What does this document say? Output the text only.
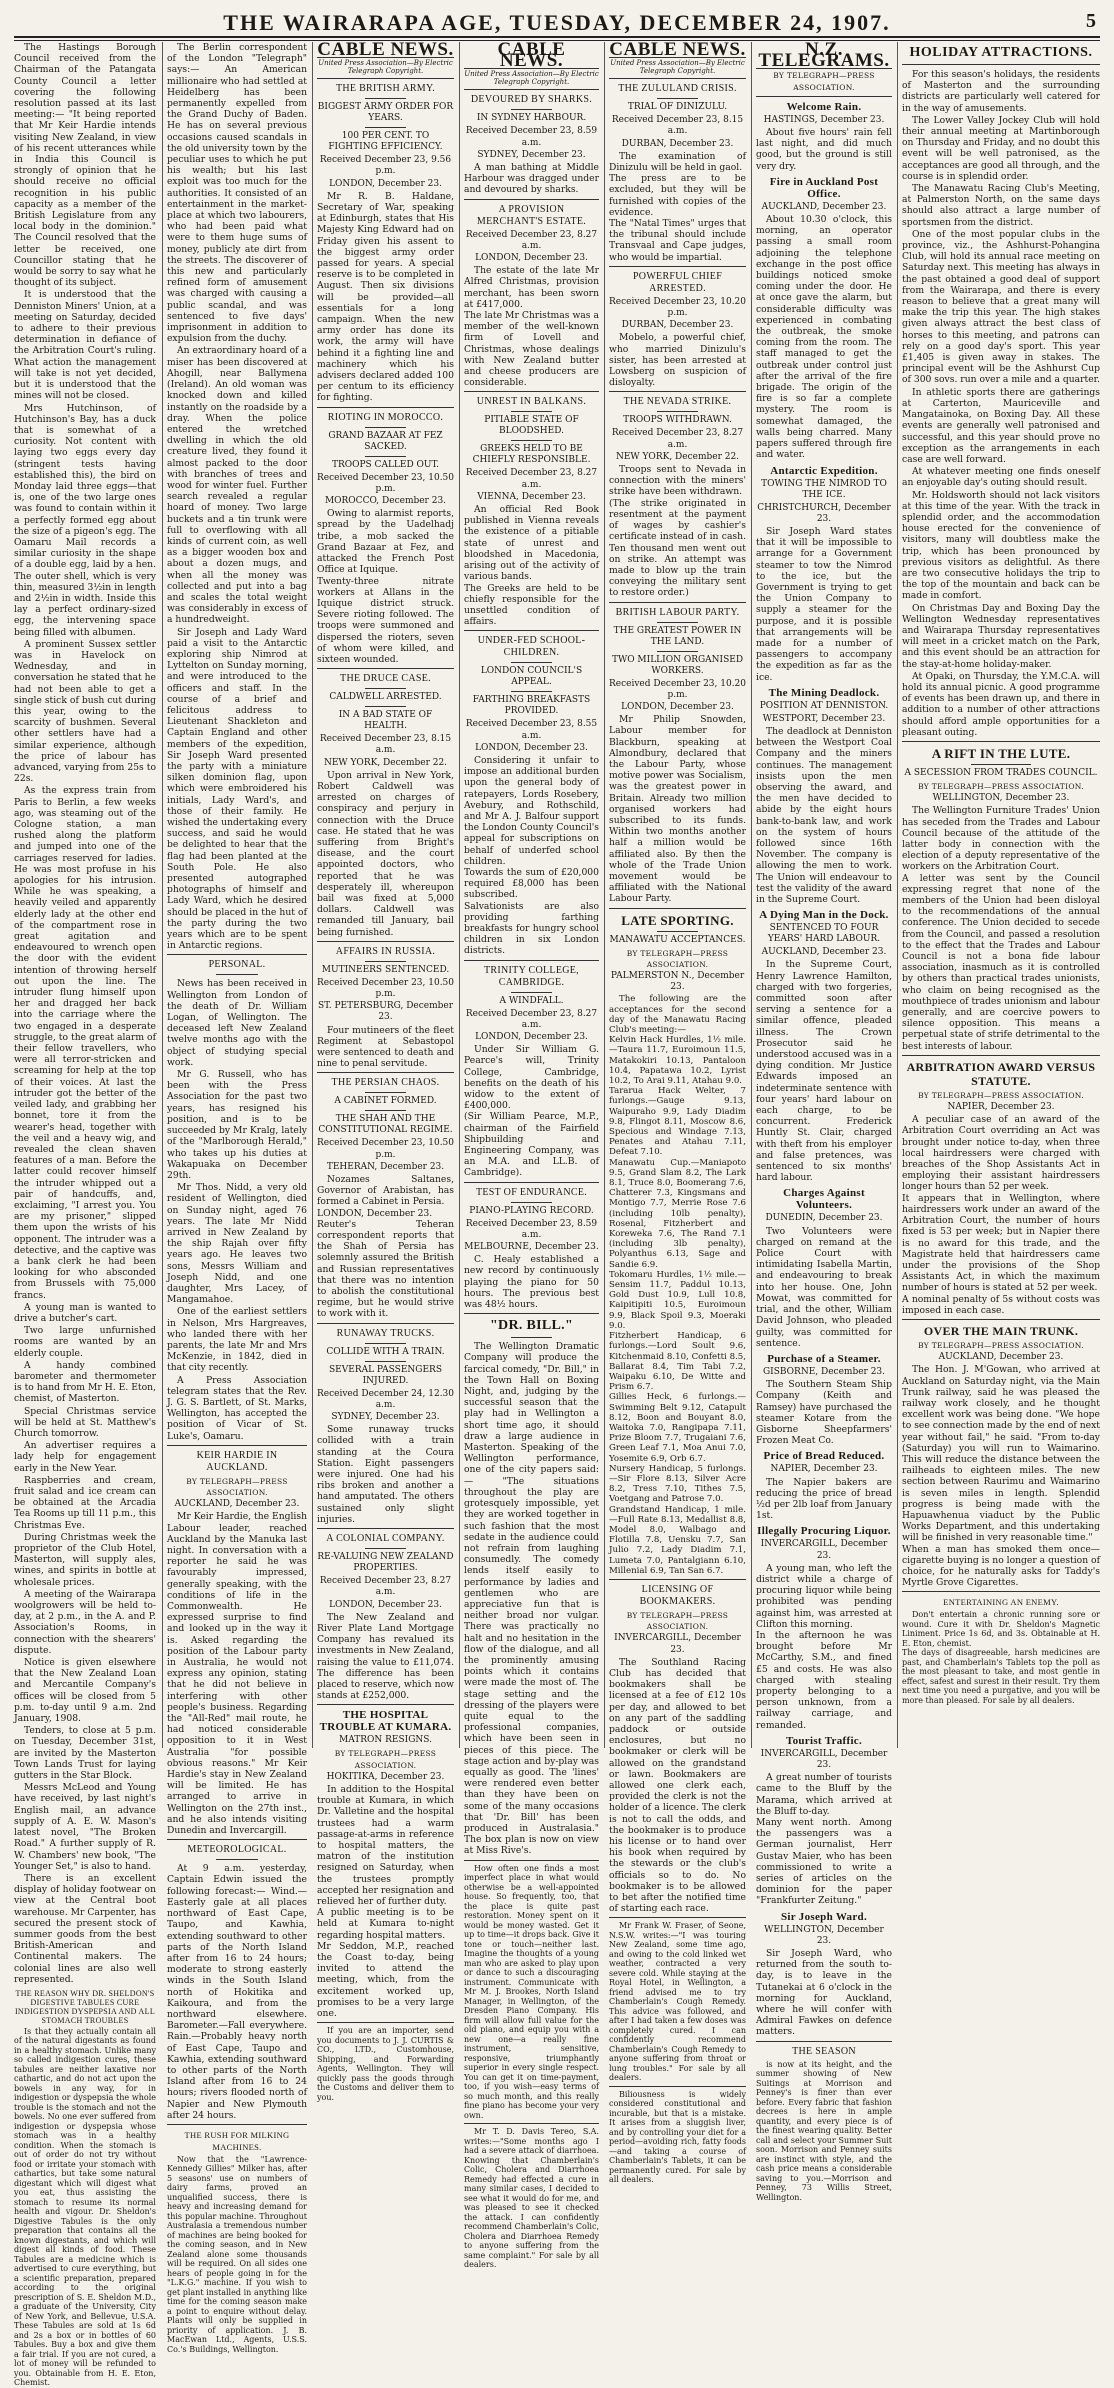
THE WAIRARAPA AGE, TUESDAY, DECEMBER 24, 1907.	5

The Hastings Borough Council received from the Chairman of the Patangata County Council a letter covering the following resolution passed at its last meeting:— "It being reported that Mr Keir Hardie intends visiting New Zealand, in view of his recent utterances while in India this Council is strongly of opinion that he should receive no official recognition in his public capacity as a member of the British Legislature from any local body in the dominion." The Council resolved that the letter be received, one Councillor stating that he would be sorry to say what he thought of its subject.

It is understood that the Denniston Miners' Union, at a meeting on Saturday, decided to adhere to their previous determination in defiance of the Arbitration Court's ruling. What action the management will take is not yet decided, but it is understood that the mines will not be closed.

Mrs Hutchinson, of Hutchinson's Bay, has a duck that is somewhat of a curiosity. Not content with laying two eggs every day (stringent tests having established this), the bird on Monday laid three eggs—that is, one of the two large ones was found to contain within it a perfectly formed egg about the size of a pigeon's egg. The Oamaru Mail records a similar curiosity in the shape of a double egg, laid by a hen. The outer shell, which is very thin, measured 3½in in length and 2½in in width. Inside this lay a perfect ordinary-sized egg, the intervening space being filled with albumen.

A prominent Sussex settler was in Havelock on Wednesday, and in conversation he stated that he had not been able to get a single stick of bush cut during this year, owing to the scarcity of bushmen. Several other settlers have had a similar experience, although the price of labour has advanced, varying from 25s to 22s.

As the express train from Paris to Berlin, a few weeks ago, was steaming out of the Cologne station, a man rushed along the platform and jumped into one of the carriages reserved for ladies. He was most profuse in his apologies for his intrusion. While he was speaking, a heavily veiled and apparently elderly lady at the other end of the compartment rose in great agitation and endeavoured to wrench open the door with the evident intention of throwing herself out upon the line. The intruder flung himself upon her and dragged her back into the carriage where the two engaged in a desperate struggle, to the great alarm of their fellow travellers, who were all terror-stricken and screaming for help at the top of their voices. At last the intruder got the better of the veiled lady, and grabbing her bonnet, tore it from the wearer's head, together with the veil and a heavy wig, and revealed the clean shaven features of a man. Before the latter could recover himself the intruder whipped out a pair of handcuffs, and, exclaiming, "I arrest you. You are my prisoner," slipped them upon the wrists of his opponent. The intruder was a detective, and the captive was a bank clerk he had been looking for who absconded from Brussels with 75,000 francs.

A young man is wanted to drive a butcher's cart.

Two large unfurnished rooms are wanted by an elderly couple.

A handy combined barometer and thermometer is to hand from Mr H. E. Eton, chemist, of Masterton.

Special Christmas service will be held at St. Matthew's Church tomorrow.

An advertiser requires a lady help for engagement early in the New Year.

Raspberries and cream, fruit salad and ice cream can be obtained at the Arcadia Tea Rooms up till 11 p.m., this Christmas Eve.

During Christmas week the proprietor of the Club Hotel, Masterton, will supply ales, wines, and spirits in bottle at wholesale prices.

A meeting of the Wairarapa woolgrowers will be held to-day, at 2 p.m., in the A. and P. Association's Rooms, in connection with the shearers' dispute.

Notice is given elsewhere that the New Zealand Loan and Mercantile Company's offices will be closed from 5 p.m. to-day until 9 a.m. 2nd January, 1908.

Tenders, to close at 5 p.m. on Tuesday, December 31st, are invited by the Masterton Town Lands Trust for laying gutters in the Star Block.

Messrs McLeod and Young have received, by last night's English mail, an advance supply of A. E. W. Mason's latest novel, "The Broken Road." A further supply of R. W. Chambers' new book, "The Younger Set," is also to hand.

There is an excellent display of holiday footwear on view at the Central boot warehouse. Mr Carpenter, has secured the present stock of summer goods from the best British-American and Continental makers. The colonial lines are also well represented.

THE REASON WHY DR. SHELDON'S DIGESTIVE TABULES CURE INDIGESTION DYSPEPSIA AND ALL STOMACH TROUBLES

Is that they actually contain all of the natural digestants as found in a healthy stomach. Unlike many so called indigestion cures, these tabules are neither laxative nor cathartic, and do not act upon the bowels in any way, for in indigestion or dyspepsia the whole trouble is the stomach and not the bowels. No one ever suffered from indigestion or dyspepsia whose stomach was in a healthy condition. When the stomach is out of order do not try without food or irritate your stomach with cathartics, but take some natural digestant which will digest what you eat, thus assisting the stomach to resume its normal health and vigour. Dr. Sheldon's Digestive Tabules is the only preparation that contains all the known digestants, and which will digest all kinds of food. These Tabules are a medicine which is advertised to cure everything, but a scientific preparation, prepared according to the original prescription of S. E. Sheldon M.D., a graduate of the University, City of New York, and Bellevue, U.S.A. These Tabules are sold at 1s 6d and 2s a box or in bottles of 60 Tabules. Buy a box and give them a fair trial. If you are not cured, a lot of money will be refunded to you. Obtainable from H. E. Eton, Chemist.

The Berlin correspondent of the London "Telegraph" says:— An American millionaire who had settled at Heidelberg has been permanently expelled from the Grand Duchy of Baden. He has on several previous occasions caused scandals in the old university town by the peculiar uses to which he put his wealth; but his last exploit was too much for the authorities. It consisted of an entertainment in the market-place at which two labourers, who had been paid what were to them huge sums of money, publicly ate dirt from the streets. The discoverer of this new and particularly refined form of amusement was charged with causing a public scandal, and was sentenced to five days' imprisonment in addition to expulsion from the duchy.

An extraordinary hoard of a miser has been discovered at Ahogill, near Ballymena (Ireland). An old woman was knocked down and killed instantly on the roadside by a dray. When the police entered the wretched dwelling in which the old creature lived, they found it almost packed to the door with branches of trees and wood for winter fuel. Further search revealed a regular hoard of money. Two large buckets and a tin trunk were full to overflowing with all kinds of current coin, as well as a bigger wooden box and about a dozen mugs, and when all the money was collected and put into a bag and scales the total weight was considerably in excess of a hundredweight.

Sir Joseph and Lady Ward paid a visit to the Antarctic exploring ship Nimrod at Lyttelton on Sunday morning, and were introduced to the officers and staff. In the course of a brief and felicitous address to Lieutenant Shackleton and Captain England and other members of the expedition, Sir Joseph Ward presented the party with a miniature silken dominion flag, upon which were embroidered his initials, Lady Ward's, and those of their family. He wished the undertaking every success, and said he would be delighted to hear that the flag had been planted at the South Pole. He also presented autographed photographs of himself and Lady Ward, which he desired should be placed in the hut of the party during the two years which are to be spent in Antarctic regions.

PERSONAL.

News has been received in Wellington from London of the death of Dr. William Logan, of Wellington. The deceased left New Zealand twelve months ago with the object of studying special work.

Mr G. Russell, who has been with the Press Association for the past two years, has resigned his position, and is to be succeeded by Mr Kralg, lately of the "Marlborough Herald," who takes up his duties at Wakapuaka on December 29th.

Mr Thos. Nidd, a very old resident of Wellington, died on Sunday night, aged 76 years. The late Mr Nidd arrived in New Zealand by the ship Rajah over fifty years ago. He leaves two sons, Messrs William and Joseph Nidd, and one daughter, Mrs Lacey, of Mangamahoe.

One of the earliest settlers in Nelson, Mrs Hargreaves, who landed there with her parents, the late Mr and Mrs McKenzie, in 1842, died in that city recently.

A Press Association telegram states that the Rev. J. G. S. Bartlett, of St. Marks, Wellington, has accepted the position of Vicar of St. Luke's, Oamaru.

KEIR HARDIE IN AUCKLAND.
BY TELEGRAPH—PRESS ASSOCIATION.
AUCKLAND, December 23.

Mr Keir Hardie, the English Labour leader, reached Auckland by the Manuka last night. In conversation with a reporter he said he was favourably impressed, generally speaking, with the conditions of life in the Commonwealth. He expressed surprise to find and looked up in the way it is. Asked regarding the position of the Labour party in Australia, he would not express any opinion, stating that he did not believe in interfering with other people's business. Regarding the "All-Red" mail route, he had noticed considerable opposition to it in West Australia "for possible obvious reasons." Mr Keir Hardie's stay in New Zealand will be limited. He has arranged to arrive in Wellington on the 27th inst., and he also intends visiting Dunedin and Invercargill.

METEOROLOGICAL.

At 9 a.m. yesterday, Captain Edwin issued the following forecast:— Wind.—Easterly gale at all places northward of East Cape, Taupo, and Kawhia, extending southward to other parts of the North Island after from 16 to 24 hours; moderate to strong easterly winds in the South Island north of Hokitika and Kaikoura, and from the northward elsewhere. Barometer.—Fall everywhere. Rain.—Probably heavy north of East Cape, Taupo and Kawhia, extending southward to other parts of the North Island after from 16 to 24 hours; rivers flooded north of Napier and New Plymouth after 24 hours.

THE RUSH FOR MILKING MACHINES.

Now that the "Lawrence-Kennedy Gillies" Milker has, after 5 seasons' use on numbers of dairy farms, proved an unqualified success, there is heavy and increasing demand for this popular machine. Throughout Australasia a tremendous number of machines are being booked for the coming season, and in New Zealand alone some thousands will be required. On all sides one hears of people going in for the "L.K.G." machine. If you wish to get plant installed in anything like time for the coming season make a point to enquire without delay. Plants will only be supplied in priority of application. J. B. MacEwan Ltd., Agents, U.S.S. Co.'s Buildings, Wellington.

CABLE NEWS.
United Press Association—By Electric Telegraph Copyright.
THE BRITISH ARMY.
BIGGEST ARMY ORDER FOR YEARS.
100 PER CENT. TO FIGHTING EFFICIENCY.
Received December 23, 9.56 p.m.
LONDON, December 23.

Mr R. B. Haldane, Secretary of War, speaking at Edinburgh, states that His Majesty King Edward had on Friday given his assent to the biggest army order passed for years. A special reserve is to be completed in August. Then six divisions will be provided—all essentials for a long campaign. When the new army order has done its work, the army will have behind it a fighting line and machinery which his advisers declared added 100 per centum to its efficiency for fighting.

RIOTING IN MOROCCO.
GRAND BAZAAR AT FEZ SACKED.
TROOPS CALLED OUT.
Received December 23, 10.50 p.m.
MOROCCO, December 23.

Owing to alarmist reports, spread by the Uadelhadj tribe, a mob sacked the Grand Bazaar at Fez, and attacked the French Post Office at Iquique.
Twenty-three nitrate workers at Allans in the Iquique district struck. Severe rioting followed. The troops were summoned and dispersed the rioters, seven of whom were killed, and sixteen wounded.

THE DRUCE CASE.
CALDWELL ARRESTED.
IN A BAD STATE OF HEALTH.
Received December 23, 8.15 a.m.
NEW YORK, December 22.

Upon arrival in New York, Robert Caldwell was arrested on charges of conspiracy and perjury in connection with the Druce case. He stated that he was suffering from Bright's disease, and the court appointed doctors, who reported that he was desperately ill, whereupon bail was fixed at 5,000 dollars. Caldwell was remanded till January, bail being furnished.

AFFAIRS IN RUSSIA.
MUTINEERS SENTENCED.
Received December 23, 10.50 p.m.
ST. PETERSBURG, December 23.

Four mutineers of the fleet Regiment at Sebastopol were sentenced to death and nine to penal servitude.

THE PERSIAN CHAOS.
A CABINET FORMED.
THE SHAH AND THE CONSTITUTIONAL REGIME.
Received December 23, 10.50 p.m.
TEHERAN, December 23.

Nozames Saltanes, Governor of Arabistan, has formed a Cabinet in Persia.
LONDON, December 23.
Reuter's Teheran correspondent reports that the Shah of Persia has solemnly assured the British and Russian representatives that there was no intention to abolish the constitutional regime, but he would strive to work with it.

RUNAWAY TRUCKS.
COLLIDE WITH A TRAIN.
SEVERAL PASSENGERS INJURED.
Received December 24, 12.30 a.m.
SYDNEY, December 23.

Some runaway trucks collided with a train standing at the Coura Station. Eight passengers were injured. One had his ribs broken and another a hand amputated. The others sustained only slight injuries.

A COLONIAL COMPANY.
RE-VALUING NEW ZEALAND PROPERTIES.
Received December 23, 8.27 a.m.
LONDON, December 23.

The New Zealand and River Plate Land Mortgage Company has revalued its investments in New Zealand, raising the value to £11,074. The difference has been placed to reserve, which now stands at £252,000.

THE HOSPITAL TROUBLE AT KUMARA.
MATRON RESIGNS.
BY TELEGRAPH—PRESS ASSOCIATION.
HOKITIKA, December 23.

In addition to the Hospital trouble at Kumara, in which Dr. Valletine and the hospital trustees had a warm passage-at-arms in reference to hospital matters, the matron of the institution resigned on Saturday, when the trustees promptly accepted her resignation and relieved her of further duty.
A public meeting is to be held at Kumara to-night regarding hospital matters.
Mr Seddon, M.P., reached the Coast to-day, being invited to attend the meeting, which, from the excitement worked up, promises to be a very large one.

If you are an importer, send you documents to J. J. CURTIS & CO., LTD., Customhouse, Shipping, and Forwarding Agents, Wellington. They will quickly pass the goods through the Customs and deliver them to you.

CABLE NEWS.
United Press Association—By Electric Telegraph Copyright.
DEVOURED BY SHARKS.
IN SYDNEY HARBOUR.
Received December 23, 8.59 a.m.
SYDNEY, December 23.

A man bathing at Middle Harbour was dragged under and devoured by sharks.

A PROVISION MERCHANT'S ESTATE.
Received December 23, 8.27 a.m.
LONDON, December 23.

The estate of the late Mr Alfred Christmas, provision merchant, has been sworn at £417,000.
The late Mr Christmas was a member of the well-known firm of Lovell and Christmas, whose dealings with New Zealand butter and cheese producers are considerable.

UNREST IN BALKANS.
PITIABLE STATE OF BLOODSHED.
GREEKS HELD TO BE CHIEFLY RESPONSIBLE.
Received December 23, 8.27 a.m.
VIENNA, December 23.

An official Red Book published in Vienna reveals the existence of a pitiable state of unrest and bloodshed in Macedonia, arising out of the activity of various bands.
The Greeks are held to be chiefly responsible for the unsettled condition of affairs.

UNDER-FED SCHOOL-CHILDREN.
LONDON COUNCIL'S APPEAL.
FARTHING BREAKFASTS PROVIDED.
Received December 23, 8.55 a.m.
LONDON, December 23.

Considering it unfair to impose an additional burden upon the general body of ratepayers, Lords Rosebery, Avebury, and Rothschild, and Mr A. J. Balfour support the London County Council's appeal for subscriptions on behalf of underfed school children.
Towards the sum of £20,000 required £8,000 has been subscribed.
Salvationists are also providing farthing breakfasts for hungry school children in six London districts.

TRINITY COLLEGE, CAMBRIDGE.
A WINDFALL.
Received December 23, 8.27 a.m.
LONDON, December 23.

Under Sir William G. Pearce's will, Trinity College, Cambridge, benefits on the death of his widow to the extent of £400,000.
(Sir William Pearce, M.P., chairman of the Fairfield Shipbuilding and Engineering Company, was an M.A. and LL.B. of Cambridge).

TEST OF ENDURANCE.
PIANO-PLAYING RECORD.
Received December 23, 8.59 a.m.
MELBOURNE, December 23.

C. Healy established a new record by continuously playing the piano for 50 hours. The previous best was 48½ hours.

"DR. BILL."

The Wellington Dramatic Company will produce the farcical comedy, "Dr. Bill," in the Town Hall on Boxing Night, and, judging by the successful season that the play had in Wellington a short time ago, it should draw a large audience in Masterton. Speaking of the Wellington performance, one of the city papers said:— "The situations throughout the play are grotesquely impossible, yet they are worked together in such fashion that the most sedate in the audience could not refrain from laughing consumedly. The comedy lends itself easily to performance by ladies and gentlemen who are appreciative fun that is neither broad nor vulgar. There was practically no halt and no hesitation in the flow of the dialogue, and all the prominently amusing points which it contains were made the most of. The stage setting and the dressing of the players were quite equal to the professional companies, which have been seen in pieces of this piece. The stage action and by-play was equally as good. The 'lines' were rendered even better than they have been on some of the many occasions that 'Dr. Bill' has been produced in Australasia." The box plan is now on view at Miss Rive's.

How often one finds a most imperfect place in what would otherwise be a well-appointed house. So frequently, too, that the place is quite past restoration. Money spent on it would be money wasted. Get it up to time—it drops back. Give it tone or touch—neither last. Imagine the thoughts of a young man who are asked to play upon or dance to such a discouraging instrument. Communicate with Mr M. J. Brookes, North Island Manager, in Wellington, of the Dresden Piano Company. His firm will allow full value for the old piano, and equip you with a new one—a really fine instrument, sensitive, responsive, triumphantly superior in every single respect. You can get it on time-payment, too, if you wish—easy terms of so much month, and this really fine piano has become your very own.

Mr T. D. Davis Tereo, S.A. writes:—"Some months ago I had a severe attack of diarrhoea. Knowing that Chamberlain's Colic, Cholera and Diarrhoea Remedy had effected a cure in many similar cases, I decided to see what it would do for me, and was pleased to see it checked the attack. I can confidently recommend Chamberlain's Colic, Cholera and Diarrhoea Remedy to anyone suffering from the same complaint." For sale by all dealers.

CABLE NEWS.
United Press Association—By Electric Telegraph Copyright.
THE ZULULAND CRISIS.
TRIAL OF DINIZULU.
Received December 23, 8.15 a.m.
DURBAN, December 23.

The examination of Dinizulu will be held in gaol.
The press are to be excluded, but they will be furnished with copies of the evidence.
The "Natal Times" urges that the tribunal should include Transvaal and Cape judges, who would be impartial.

POWERFUL CHIEF ARRESTED.
Received December 23, 10.20 p.m.
DURBAN, December 23.

Mobelo, a powerful chief, who married Dinizulu's sister, has been arrested at Lowsberg on suspicion of disloyalty.

THE NEVADA STRIKE.
TROOPS WITHDRAWN.
Received December 23, 8.27 a.m.
NEW YORK, December 22.

Troops sent to Nevada in connection with the miners' strike have been withdrawn.
(The strike originated in resentment at the payment of wages by cashier's certificate instead of in cash. Ten thousand men went out on strike. An attempt was made to blow up the train conveying the military sent to restore order.)

BRITISH LABOUR PARTY.
THE GREATEST POWER IN THE LAND.
TWO MILLION ORGANISED WORKERS.
Received December 23, 10.20 p.m.
LONDON, December 23.

Mr Philip Snowden, Labour member for Blackburn, speaking at Almondbury, declared that the Labour Party, whose motive power was Socialism, was the greatest power in Britain. Already two million organised workers had subscribed to its funds. Within two months another half a million would be affiliated also. By then the whole of the Trade Union movement would be affiliated with the National Labour Party.

LATE SPORTING.
MANAWATU ACCEPTANCES.
BY TELEGRAPH—PRESS ASSOCIATION.
PALMERSTON N., December 23.

The following are the acceptances for the second day of the Manawatu Racing Club's meeting:—
Kelvin Hack Hurdles, 1½ mile.—Taura 11.7, Euroimoun 11.5, Matakokiri 10.13, Pantaloon 10.4, Papatawa 10.2, Lyrist 10.2, To Arai 9.11, Atahau 9.0.
Tararua Hack Welter, 7 furlongs.—Gauge 9.13, Waipuraho 9.9, Lady Diadim 9.8, Flingot 8.11, Moscow 8.6, Specious and Windage 7.13, Penates and Atahau 7.11, Defeat 7.10.
Manawatu Cup.—Maniapoto 9.5, Grand Slam 8.2, The Lark 8.1, Truce 8.0, Boomerang 7.6, Chatterer 7.3, Kingsmans and Montigo 7.7, Merrie Rose 7.6 (including 10lb penalty), Rosenal, Fitzherbert and Koreweka 7.6, The Rand 7.1 (including 3lb penalty), Polyanthus 6.13, Sage and Sandie 6.9.
Tokomaru Hurdles, 1½ mile.—Sensim 11.7, Paddul 10.13, Gold Dust 10.9, Lull 10.8, Kaipitipiti 10.5, Euroimoun 9.9, Black Spoil 9.3, Moeraki 9.0.
Fitzherbert Handicap, 6 furlongs.—Lord Soult 9.6, Kitchenmaid 8.10, Confetti 8.5, Ballarat 8.4, Tim Tabi 7.2, Waipaku 6.10, De Witte and Prism 6.7.
Gillies Heck, 6 furlongs.—Swimming Belt 9.12, Catapult 8.12, Boon and Bouyant 8.0, Waitoka 7.0, Rangipapa 7.11, Prize Bloom 7.7, Trugaiani 7.6, Green Leaf 7.1, Moa Anui 7.0, Yosemite 6.9, Orb 6.7.
Nursery Handicap, 5 furlongs.—Sir Flore 8.13, Silver Acre 8.2, Tress 7.10, Tithes 7.5, Voetgang and Patrose 7.0.
Grandstand Handicap, 1 mile.—Full Rate 8.13, Medallist 8.8, Model 8.0, Walbago and Flotilla 7.8, Uensku 7.7, San Julio 7.2, Lady Diadim 7.1, Lumeta 7.0, Pantalgiann 6.10, Millenial 6.9, Tan San 6.7.

LICENSING OF BOOKMAKERS.
BY TELEGRAPH—PRESS ASSOCIATION.
INVERCARGILL, December 23.

The Southland Racing Club has decided that bookmakers shall be licensed at a fee of £12 10s per day, and allowed to bet on any part of the saddling paddock or outside enclosures, but no bookmaker or clerk will be allowed on the grandstand or lawn. Bookmakers are allowed one clerk each, provided the clerk is not the holder of a licence. The clerk is not to call the odds, and the bookmaker is to produce his license or to hand over his book when required by the stewards or the club's officials so to do. No bookmaker is to be allowed to bet after the notified time of starting each race.

Mr Frank W. Fraser, of Seone, N.S.W. writes:—"I was touring New Zealand, some time ago, and owing to the cold linked wet weather, contracted a very severe cold. While staying at the Royal Hotel, in Wellington, a friend advised me to try Chamberlain's Cough Remedy. This advice was followed, and after I had taken a few doses was completely cured. I can confidently recommend Chamberlain's Cough Remedy to anyone suffering from throat or lung troubles." For sale by all dealers.

Biliousness is widely considered constitutional and incurable, but that is a mistake. It arises from a sluggish liver, and by controlling your diet for a period—avoiding rich, fatty foods—and taking a course of Chamberlain's Tablets, it can be permanently cured. For sale by all dealers.

N.Z. TELEGRAMS.
BY TELEGRAPH—PRESS ASSOCIATION.
Welcome Rain.
HASTINGS, December 23.

About five hours' rain fell last night, and did much good, but the ground is still very dry.

Fire in Auckland Post Office.
AUCKLAND, December 23.

About 10.30 o'clock, this morning, an operator passing a small room adjoining the telephone exchange in the post office buildings noticed smoke coming under the door. He at once gave the alarm, but considerable difficulty was experienced in combating the outbreak, the smoke coming from the room. The staff managed to get the outbreak under control just after the arrival of the fire brigade. The origin of the fire is so far a complete mystery. The room is somewhat damaged, the walls being charred. Many papers suffered through fire and water.

Antarctic Expedition.
TOWING THE NIMROD TO THE ICE.
CHRISTCHURCH, December 23.

Sir Joseph Ward states that it will be impossible to arrange for a Government steamer to tow the Nimrod to the ice, but the Government is trying to get the Union Company to supply a steamer for the purpose, and it is possible that arrangements will be made for a number of passengers to accompany the expedition as far as the ice.

The Mining Deadlock.
POSITION AT DENNISTON.
WESTPORT, December 23.

The deadlock at Denniston between the Westport Coal Company and the miners continues. The management insists upon the men observing the award, and the men have decided to abide by the eight hours bank-to-bank law, and work on the system of hours followed since 16th November. The company is allowing the men to work. The Union will endeavour to test the validity of the award in the Supreme Court.

A Dying Man in the Dock.
SENTENCED TO FOUR YEARS' HARD LABOUR.
AUCKLAND, December 23.

In the Supreme Court, Henry Lawrence Hamilton, charged with two forgeries, committed soon after serving a sentence for a similar offence, pleaded illness. The Crown Prosecutor said he understood accused was in a dying condition. Mr Justice Edwards imposed an indeterminate sentence with four years' hard labour on each charge, to be concurrent. Frederick Huntly St. Clair, charged with theft from his employer and false pretences, was sentenced to six months' hard labour.

Charges Against Volunteers.
DUNEDIN, December 23.

Two Volunteers were charged on remand at the Police Court with intimidating Isabella Martin, and endeavouring to break into her house. One, John Mowat, was committed for trial, and the other, William David Johnson, who pleaded guilty, was committed for sentence.

Purchase of a Steamer.
GISBORNE, December 23.

The Southern Steam Ship Company (Keith and Ramsey) have purchased the steamer Kotare from the Gisborne Sheepfarmers' Frozen Meat Co.

Price of Bread Reduced.
NAPIER, December 23.

The Napier bakers are reducing the price of bread ½d per 2lb loaf from January 1st.

Illegally Procuring Liquor.
INVERCARGILL, December 23.

A young man, who left the district while a charge of procuring liquor while being prohibited was pending against him, was arrested at Clifton this morning.
In the afternoon he was brought before Mr McCarthy, S.M., and fined £5 and costs. He was also charged with stealing property belonging to a person unknown, from a railway carriage, and remanded.

Tourist Traffic.
INVERCARGILL, December 23.

A great number of tourists came to the Bluff by the Marama, which arrived at the Bluff to-day.
Many went north. Among the passengers was a German journalist, Herr Gustav Maier, who has been commissioned to write a series of articles on the dominion for the paper "Frankfurter Zeitung."

Sir Joseph Ward.
WELLINGTON, December 23.

Sir Joseph Ward, who returned from the south to-day, is to leave in the Tutanekai at 6 o'clock in the morning for Auckland, where he will confer with Admiral Fawkes on defence matters.

THE SEASON

is now at its height, and the summer showing of New Suitings at Morrison and Penney's is finer than ever before. Every fabric that fashion decrees is here in ample quantity, and every piece is of the finest wearing quality. Better call and select your Summer Suit soon. Morrison and Penney suits are instinct with style, and the cash price means a considerable saving to you.—Morrison and Penney, 73 Willis Street, Wellington.

HOLIDAY ATTRACTIONS.

For this season's holidays, the residents of Masterton and the surrounding districts are particularly well catered for in the way of amusements.

The Lower Valley Jockey Club will hold their annual meeting at Martinborough on Thursday and Friday, and no doubt this event will be well patronised, as the acceptances are good all through, and the course is in splendid order.

The Manawatu Racing Club's Meeting, at Palmerston North, on the same days should also attract a large number of sportsmen from the district.

One of the most popular clubs in the province, viz., the Ashhurst-Pohangina Club, will hold its annual race meeting on Saturday next. This meeting has always in the past obtained a good deal of support from the Wairarapa, and there is every reason to believe that a great many will make the trip this year. The high stakes given always attract the best class of horses to this meeting, and patrons can rely on a good day's sport. This year £1,405 is given away in stakes. The principal event will be the Ashhurst Cup of 300 sovs. run over a mile and a quarter.

In athletic sports there are gatherings at Carterton, Mauriceville and Mangatainoka, on Boxing Day. All these events are generally well patronised and successful, and this year should prove no exception as the arrangements in each case are well forward.

At whatever meeting one finds oneself an enjoyable day's outing should result.

Mr. Holdsworth should not lack visitors at this time of the year. With the track in splendid order, and the accommodation house erected for the convenience of visitors, many will doubtless make the trip, which has been pronounced by previous visitors as delightful. As there are two consecutive holidays the trip to the top of the mountain and back can be made in comfort.

On Christmas Day and Boxing Day the Wellington Wednesday representatives and Wairarapa Thursday representatives will meet in a cricket match on the Park, and this event should be an attraction for the stay-at-home holiday-maker.

At Opaki, on Thursday, the Y.M.C.A. will hold its annual picnic. A good programme of events has been drawn up, and there in addition to a number of other attractions should afford ample opportunities for a pleasant outing.

A RIFT IN THE LUTE.
A SECESSION FROM TRADES COUNCIL.
BY TELEGRAPH—PRESS ASSOCIATION.
WELLINGTON, December 23.

The Wellington Furniture Trades' Union has seceded from the Trades and Labour Council because of the attitude of the latter body in connection with the election of a deputy representative of the workers on the Arbitration Court.
A letter was sent by the Council expressing regret that none of the members of the Union had been disloyal to the recommendations of the annual conference. The Union decided to secede from the Council, and passed a resolution to the effect that the Trades and Labour Council is not a bona fide labour association, inasmuch as it is controlled by others than practical trades unionists, who claim on being recognised as the mouthpiece of trades unionism and labour generally, and are coercive powers to silence opposition. This means a perpetual state of strife detrimental to the best interests of labour.

ARBITRATION AWARD VERSUS STATUTE.
BY TELEGRAPH—PRESS ASSOCIATION.
NAPIER, December 23.

A peculiar case of an award of the Arbitration Court overriding an Act was brought under notice to-day, when three local hairdressers were charged with breaches of the Shop Assistants Act in employing their assistant hairdressers longer hours than 52 per week.
It appears that in Wellington, where hairdressers work under an award of the Arbitration Court, the number of hours fixed is 53 per week; but in Napier there is no award for this trade, and the Magistrate held that hairdressers came under the provisions of the Shop Assistants Act, in which the maximum number of hours is stated at 52 per week.
A nominal penalty of 5s without costs was imposed in each case.

OVER THE MAIN TRUNK.
BY TELEGRAPH—PRESS ASSOCIATION.
AUCKLAND, December 23.

The Hon. J. M'Gowan, who arrived at Auckland on Saturday night, via the Main Trunk railway, said he was pleased the railway work closely, and he thought excellent work was being done. "We hope to see connection made by the end of next year without fail," he said. "From to-day (Saturday) you will run to Waimarino. This will reduce the distance between the railheads to eighteen miles. The new section between Raurimu and Waimarino is seven miles in length. Splendid progress is being made with the Hapuawhenua viaduct by the Public Works Department, and this undertaking will be finished in very reasonable time."
When a man has smoked them once—cigarette buying is no longer a question of choice, for he naturally asks for Taddy's Myrtle Grove Cigarettes.

ENTERTAINING AN ENEMY.

Don't entertain a chronic running sore or wound. Cure it with Dr. Sheldon's Magnetic Liniment. Price 1s 6d, and 3s. Obtainable at H. E. Eton, chemist.
The days of disagreeable, harsh medicines are past, and Chamberlain's Tablets top the poll as the most pleasant to take, and most gentle in effect, safest and surest in their result. Try them next time you need a purgative, and you will be more than pleased. For sale by all dealers.
